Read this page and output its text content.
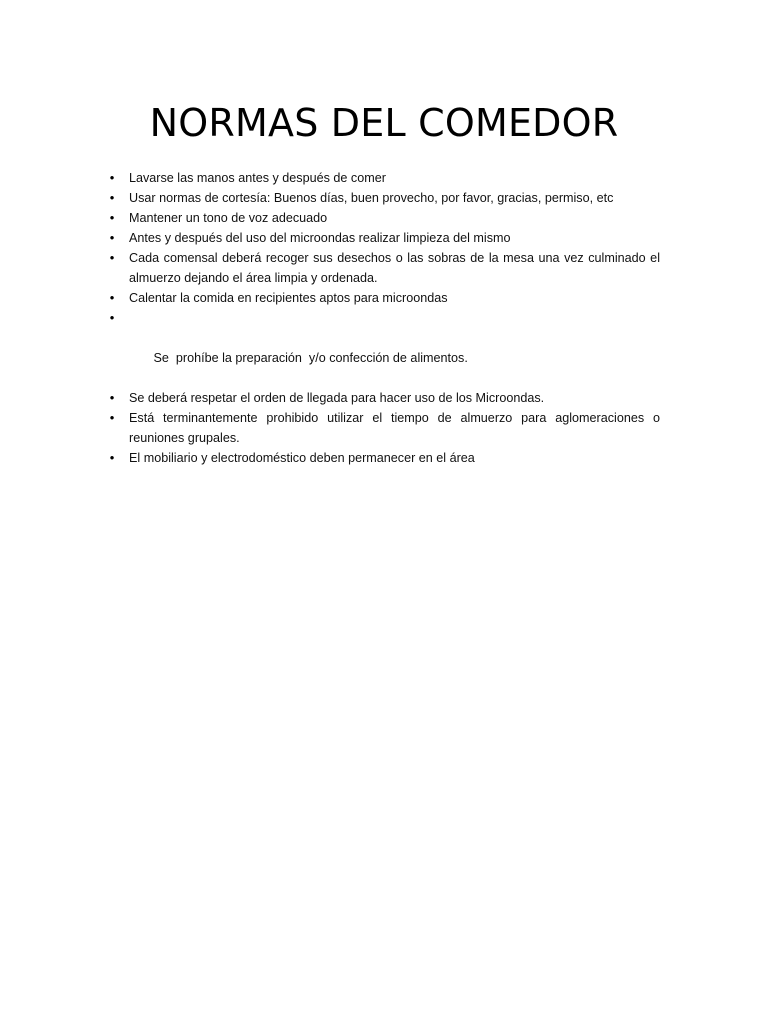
NORMAS DEL COMEDOR
• Lavarse las manos antes y después de comer
• Usar normas de cortesía: Buenos días, buen provecho, por favor, gracias, permiso, etc
• Mantener un tono de voz adecuado
• Antes y después del uso del microondas realizar limpieza del mismo
• Cada comensal deberá recoger sus desechos o las sobras de la mesa una vez culminado el almuerzo dejando el área limpia y ordenada.
• Calentar la comida en recipientes aptos para microondas

•

Se  prohíbe la preparación  y/o confección de alimentos.

• Se deberá respetar el orden de llegada para hacer uso de los Microondas.
• Está terminantemente prohibido utilizar el tiempo de almuerzo para aglomeraciones o reuniones grupales.
• El mobiliario y electrodoméstico deben permanecer en el área
